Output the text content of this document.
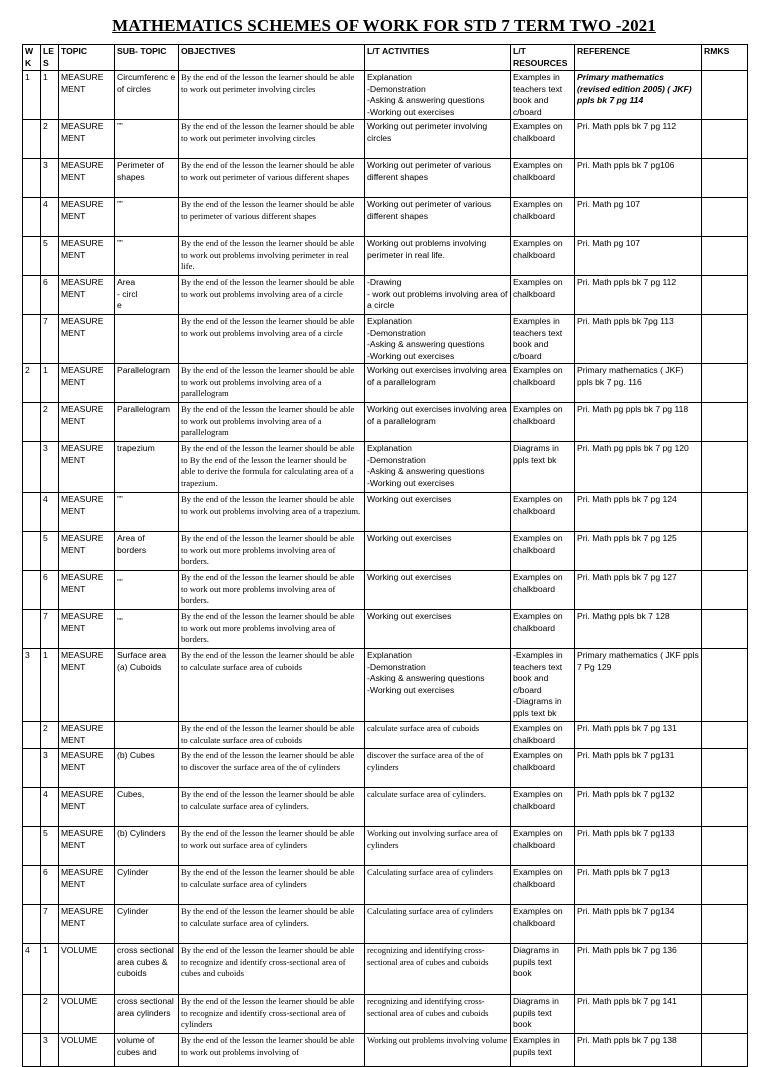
MATHEMATICS SCHEMES OF WORK FOR STD 7 TERM TWO -2021
W K	LE S	TOPIC	SUB- TOPIC	OBJECTIVES	L/T ACTIVITIES	L/T RESOURCES	REFERENCE	RMKS

1	1	MEASURE MENT	Circumferenc e of circles	By the end of the lesson the learner should be able to work out perimeter involving circles	Explanation
-Demonstration
-Asking & answering questions
-Working out exercises	Examples in teachers text book and c/board	Primary mathematics (revised edition 2005) ( JKF) ppls bk 7 pg 114	

	2	MEASURE MENT	””	By the end of the lesson the learner should be able to work out perimeter involving circles	Working out perimeter involving circles	Examples on chalkboard	Pri. Math ppls bk 7 pg 112	

	3	MEASURE MENT	Perimeter of shapes	By the end of the lesson the learner should be able to work out perimeter of various different shapes	Working out perimeter of various different shapes	Examples on chalkboard	Pri. Math ppls bk 7 pg106	

	4	MEASURE MENT	””	By the end of the lesson the learner should be able to perimeter of various different shapes	Working out perimeter of various different shapes	Examples on chalkboard	Pri. Math pg 107	

	5	MEASURE MENT	””	By the end of the lesson the learner should be able to work out problems involving perimeter in real life.	Working out problems involving perimeter in real life.	Examples on chalkboard	Pri. Math pg 107	

	6	MEASURE MENT	Area
- circl
e	By the end of the lesson the learner should be able to work out problems involving area of a circle	-Drawing
- work out problems involving area of a circle	Examples on chalkboard	Pri. Math ppls bk 7 pg 112	

	7	MEASURE MENT		By the end of the lesson the learner should be able to work out problems involving area of a circle	Explanation
-Demonstration
-Asking & answering questions
-Working out exercises	Examples in teachers text book and c/board	Pri. Math ppls bk 7pg 113	

2	1	MEASURE MENT	Parallelogram	By the end of the lesson the learner should be able to work out problems involving area of a parallelogram	Working out exercises involving area of a parallelogram	Examples on chalkboard	Primary mathematics ( JKF) ppls bk 7 pg. 116	

	2	MEASURE MENT	Parallelogram	By the end of the lesson the learner should be able to work out problems involving area of a parallelogram	Working out exercises involving area of a parallelogram	Examples on chalkboard	Pri. Math pg ppls bk 7 pg 118	

	3	MEASURE MENT	trapezium	By the end of the lesson the learner should be able to By the end of the lesson the learner should be able to derive the formula for calculating area of a trapezium.	Explanation
-Demonstration
-Asking & answering questions
-Working out exercises	Diagrams in ppls text bk	Pri. Math pg ppls bk 7 pg 120	

	4	MEASURE MENT	””	By the end of the lesson the learner should be able to work out problems involving area of a trapezium.	Working out exercises	Examples on chalkboard	Pri. Math ppls bk 7 pg 124	

	5	MEASURE MENT	Area of borders	By the end of the lesson the learner should be able to work out more problems involving area of borders.	Working out exercises	Examples on chalkboard	Pri. Math ppls bk 7 pg 125	

	6	MEASURE MENT	„„	By the end of the lesson the learner should be able to work out more problems involving area of borders.	Working out exercises	Examples on chalkboard	Pri. Math ppls bk 7 pg 127	

	7	MEASURE MENT	„„	By the end of the lesson the learner should be able to work out more problems involving area of borders.	Working out exercises	Examples on chalkboard	Pri. Mathg ppls bk 7 128	

3	1	MEASURE MENT	Surface area (a) Cuboids	By the end of the lesson the learner should be able to calculate surface area of cuboids	Explanation
-Demonstration
-Asking & answering questions
-Working out exercises	-Examples in teachers text book and c/board
-Diagrams in ppls text bk	Primary mathematics ( JKF ppls 7 Pg 129	

	2	MEASURE MENT		By the end of the lesson the learner should be able to calculate surface area of cuboids	calculate surface area of cuboids	Examples on chalkboard	Pri. Math ppls bk 7 pg 131	

	3	MEASURE MENT	(b) Cubes	By the end of the lesson the learner should be able to discover the surface area of the of cylinders	discover the surface area of the of cylinders	Examples on chalkboard	Pri. Math ppls bk 7 pg131	

	4	MEASURE MENT	Cubes,	By the end of the lesson the learner should be able to calculate surface area of cylinders.	calculate surface area of cylinders.	Examples on chalkboard	Pri. Math ppls bk 7 pg132	

	5	MEASURE MENT	(b) Cylinders	By the end of the lesson the learner should be able to work out surface area of cylinders	Working out involving surface area of cylinders	Examples on chalkboard	Pri. Math ppls bk 7 pg133	

	6	MEASURE MENT	Cylinder	By the end of the lesson the learner should be able to calculate surface area of cylinders	Calculating surface area of cylinders	Examples on chalkboard	Pri. Math ppls bk 7 pg13	

	7	MEASURE MENT	Cylinder	By the end of the lesson the learner should be able to calculate surface area of cylinders.	Calculating surface area of cylinders	Examples on chalkboard	Pri. Math ppls bk 7 pg134	

4	1	VOLUME	cross sectional area cubes & cuboids	By the end of the lesson the learner should be able to recognize and identify cross-sectional area of cubes and cuboids	recognizing and identifying cross-sectional area of cubes and cuboids	Diagrams in pupils text book	Pri. Math ppls bk 7 pg 136	

	2	VOLUME	cross sectional area cylinders	By the end of the lesson the learner should be able to recognize and identify cross-sectional area of cylinders	recognizing and identifying cross-sectional area of cubes and cuboids	Diagrams in pupils text book	Pri. Math ppls bk 7 pg 141	

	3	VOLUME	volume of cubes and	By the end of the lesson the learner should be able to work out problems involving of	Working out problems involving volume	Examples in pupils text	Pri. Math ppls bk 7 pg 138	
